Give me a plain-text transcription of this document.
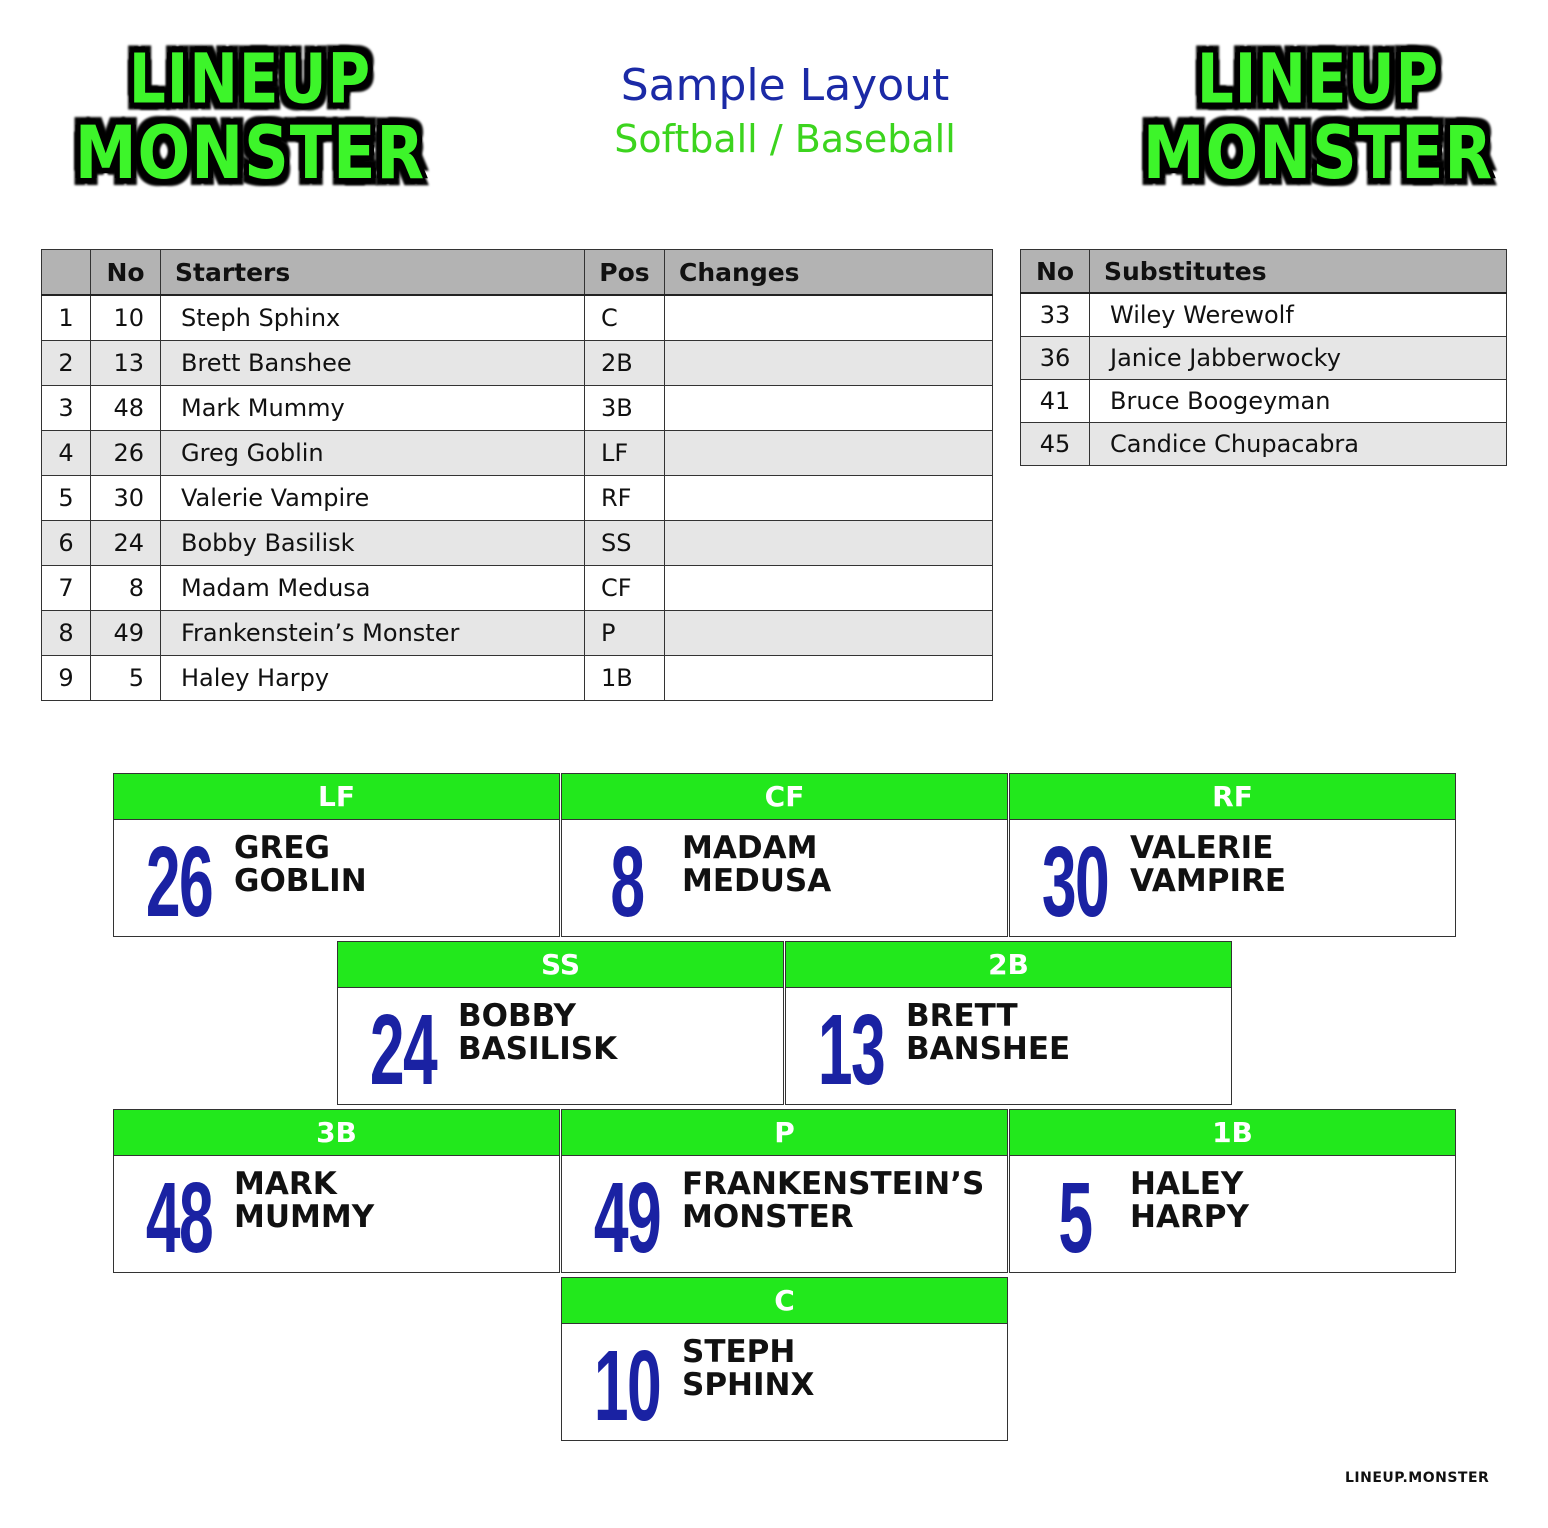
LINEUP
MONSTER
Sample Layout
Softball / Baseball
LINEUP
MONSTER
	No	Starters	Pos	Changes
1	10	Steph Sphinx	C	
2	13	Brett Banshee	2B	
3	48	Mark Mummy	3B	
4	26	Greg Goblin	LF	
5	30	Valerie Vampire	RF	
6	24	Bobby Basilisk	SS	
7	8	Madam Medusa	CF	
8	49	Frankenstein’s Monster	P	
9	5	Haley Harpy	1B	
No	Substitutes
33	Wiley Werewolf
36	Janice Jabberwocky
41	Bruce Boogeyman
45	Candice Chupacabra
LF
26 GREG
GOBLIN
CF
8	MADAM
MEDUSA
RF
30 VALERIE
VAMPIRE
SS
24 BOBBY
BASILISK
2B
13 BRETT
BANSHEE
3B
48 MARK
MUMMY
P
49 FRANKENSTEIN’S
MONSTER
1B
5	HALEY
HARPY
C
10 STEPH
SPHINX
LINEUP.MONSTER
